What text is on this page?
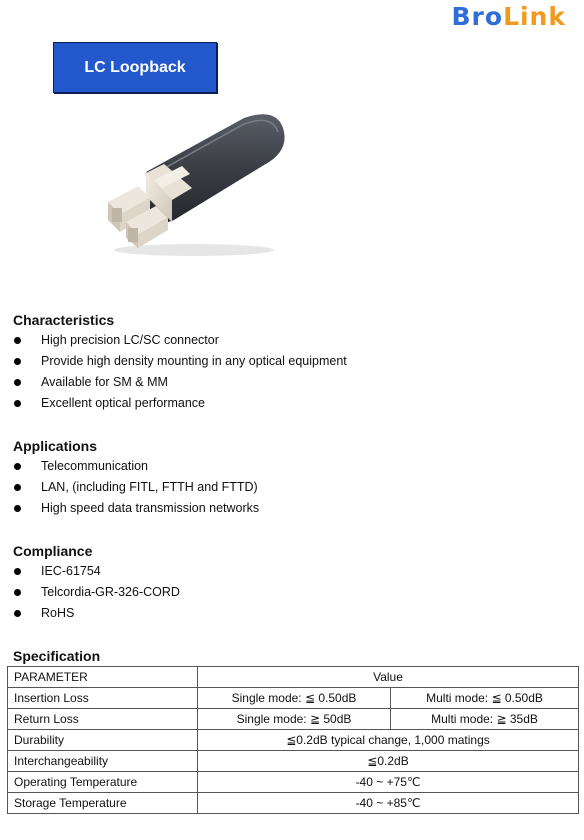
BroLink
LC Loopback
Characteristics
High precision LC/SC connector
Provide high density mounting in any optical equipment
Available for SM & MM
Excellent optical performance
Applications
Telecommunication
LAN, (including FITL, FTTH and FTTD)
High speed data transmission networks
Compliance
IEC-61754
Telcordia-GR-326-CORD
RoHS
Specification
PARAMETER	Value	
Insertion Loss	Single mode: ≦ 0.50dB	Multi mode: ≦ 0.50dB
Return Loss	Single mode: ≧ 50dB	Multi mode: ≧ 35dB
Durability	≦0.2dB typical change, 1,000 matings	
Interchangeability	≦0.2dB	
Operating Temperature	-40 ~ +75℃	
Storage Temperature	-40 ~ +85℃	
